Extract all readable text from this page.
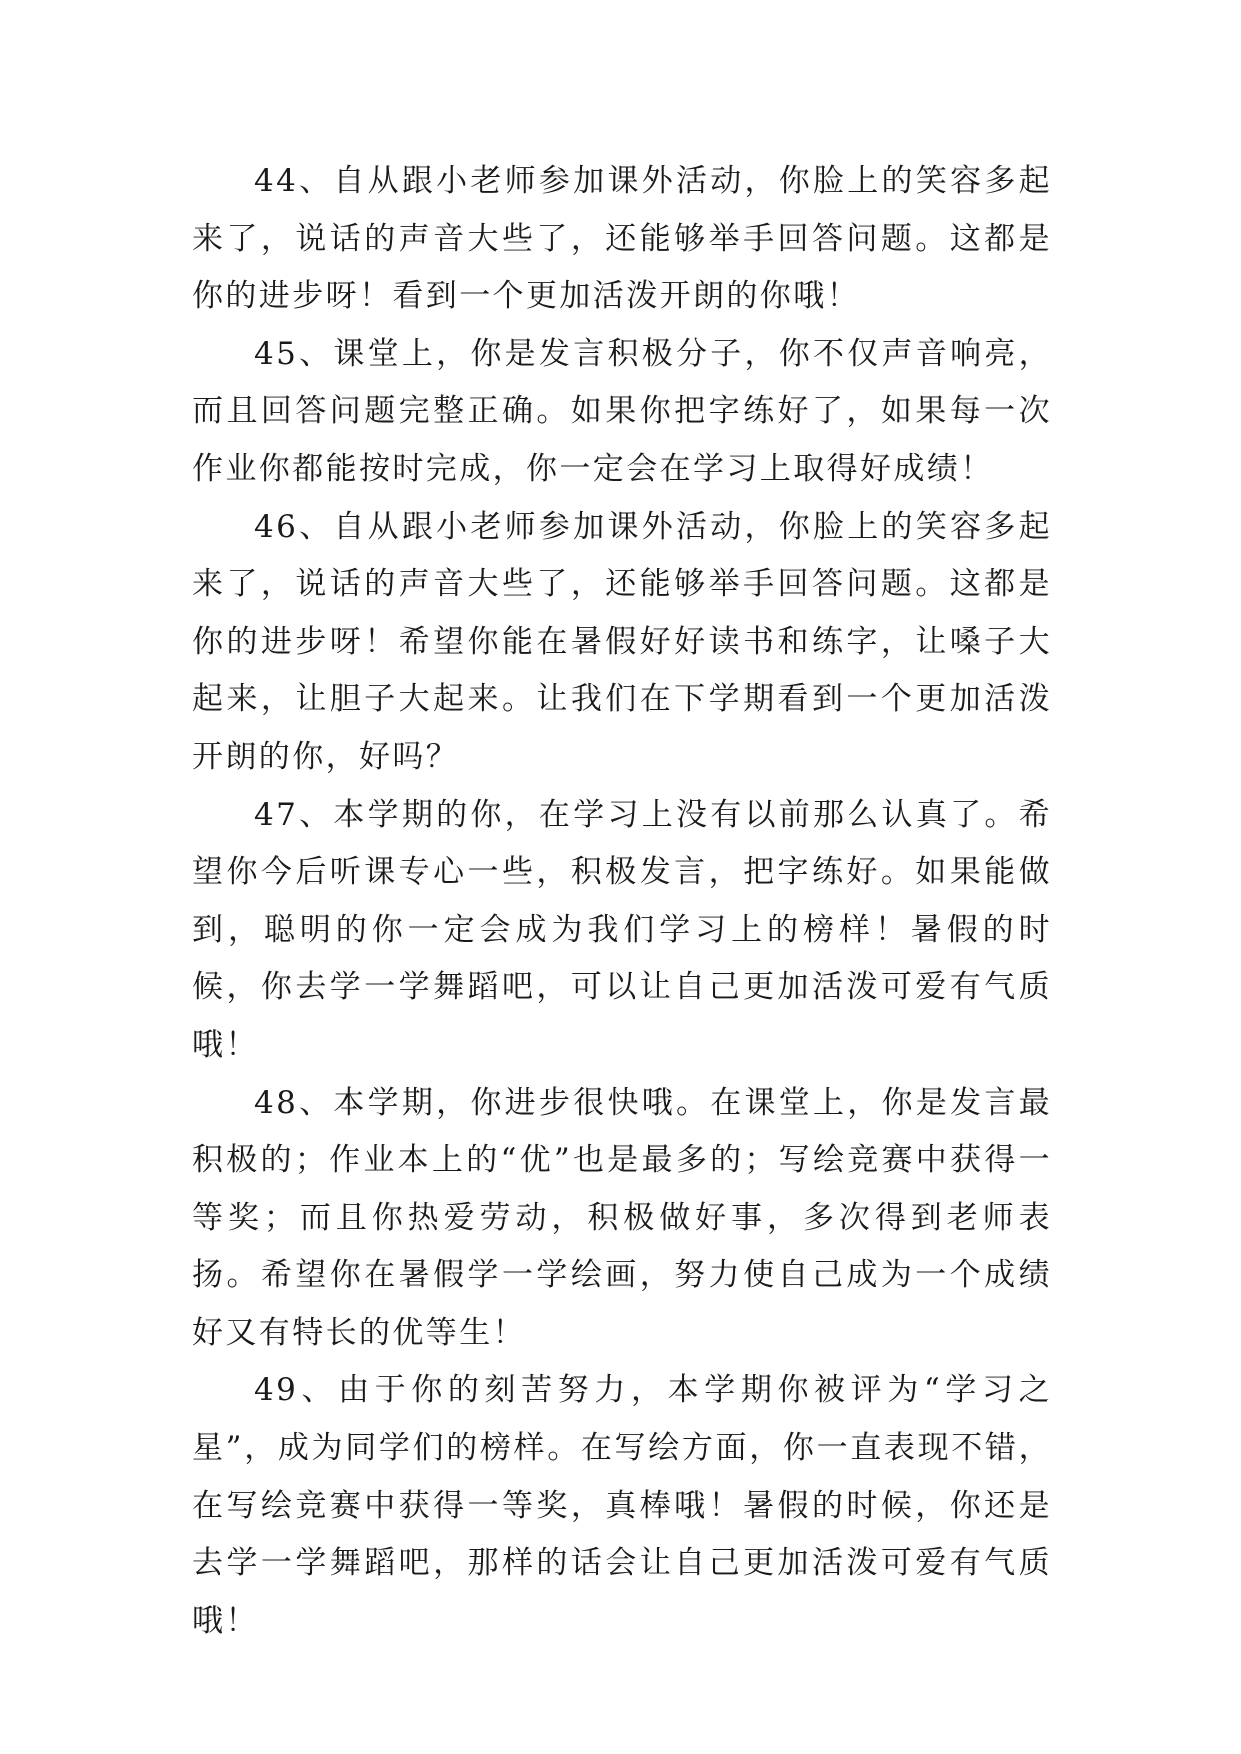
44、自从跟小老师参加课外活动，你脸上的笑容多起来了，说话的声音大些了，还能够举手回答问题。这都是你的进步呀！看到一个更加活泼开朗的你哦！

45、课堂上，你是发言积极分子，你不仅声音响亮，而且回答问题完整正确。如果你把字练好了，如果每一次作业你都能按时完成，你一定会在学习上取得好成绩！

46、自从跟小老师参加课外活动，你脸上的笑容多起来了，说话的声音大些了，还能够举手回答问题。这都是你的进步呀！希望你能在暑假好好读书和练字，让嗓子大起来，让胆子大起来。让我们在下学期看到一个更加活泼开朗的你，好吗？

47、本学期的你，在学习上没有以前那么认真了。希望你今后听课专心一些，积极发言，把字练好。如果能做到，聪明的你一定会成为我们学习上的榜样！暑假的时候，你去学一学舞蹈吧，可以让自己更加活泼可爱有气质哦！

48、本学期，你进步很快哦。在课堂上，你是发言最积极的；作业本上的“优”也是最多的；写绘竞赛中获得一等奖；而且你热爱劳动，积极做好事，多次得到老师表扬。希望你在暑假学一学绘画，努力使自己成为一个成绩好又有特长的优等生！

49、由于你的刻苦努力，本学期你被评为“学习之星”，成为同学们的榜样。在写绘方面，你一直表现不错，在写绘竞赛中获得一等奖，真棒哦！暑假的时候，你还是去学一学舞蹈吧，那样的话会让自己更加活泼可爱有气质哦！
